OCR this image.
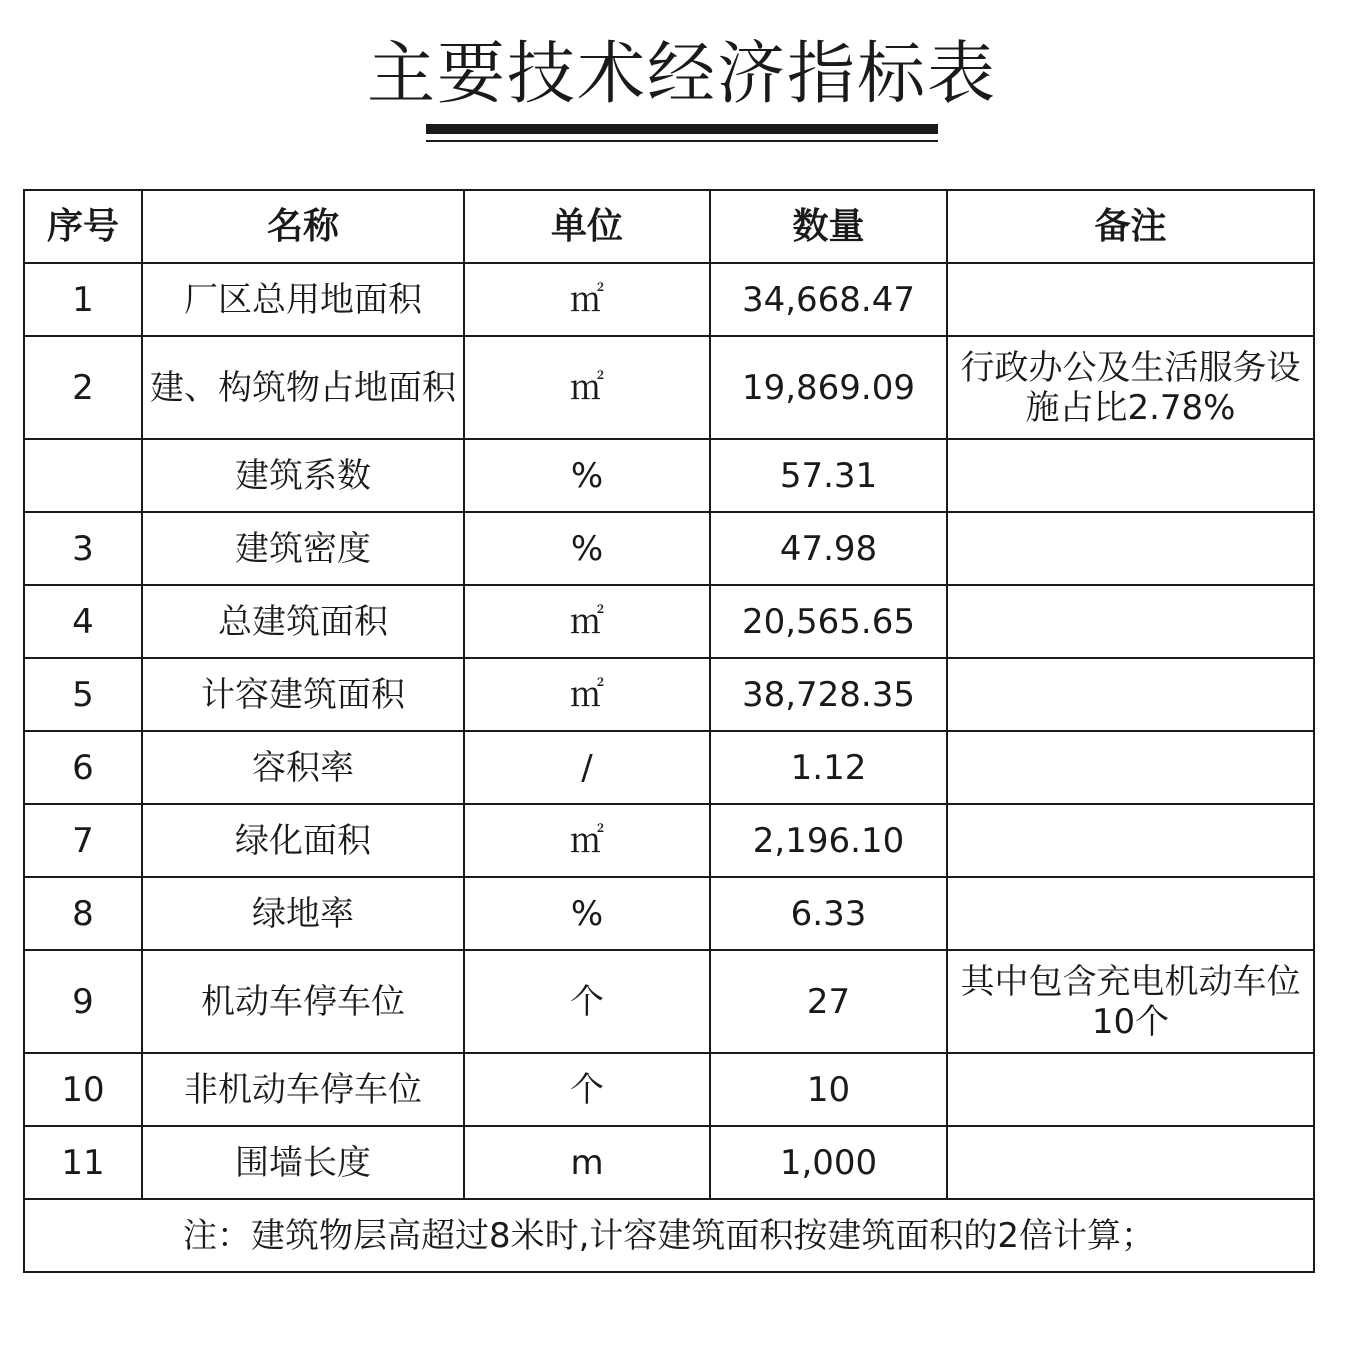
主要技术经济指标表
序号	名称	单位	数量	备注
1	厂区总用地面积	㎡	34,668.47	
2	建、构筑物占地面积	㎡	19,869.09	行政办公及生活服务设施占比2.78%
	建筑系数	%	57.31	
3	建筑密度	%	47.98	
4	总建筑面积	㎡	20,565.65	
5	计容建筑面积	㎡	38,728.35	
6	容积率	/	1.12	
7	绿化面积	㎡	2,196.10	
8	绿地率	%	6.33	
9	机动车停车位	个	27	其中包含充电机动车位10个
10	非机动车停车位	个	10	
11	围墙长度	m	1,000	
注：建筑物层高超过8米时,计容建筑面积按建筑面积的2倍计算；				
